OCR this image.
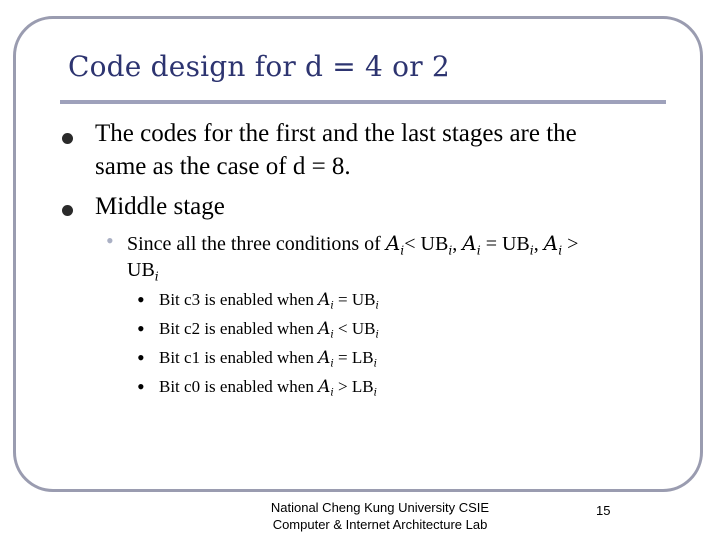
Code design for d = 4 or 2
The codes for the first and the last stages are the
same as the case of d = 8.
Middle stage
• Since all the three conditions of $A_i< UB_i$, $A_i = UB_i$, $A_i$ >
$UB_i$
• Bit c3 is enabled when $A_i = UB_i$
• Bit c2 is enabled when $A_i < UB_i$
• Bit c1 is enabled when $A_i = LB_i$
• Bit c0 is enabled when $A_i > LB_i$
National Cheng Kung University CSIE
Computer & Internet Architecture Lab
15
